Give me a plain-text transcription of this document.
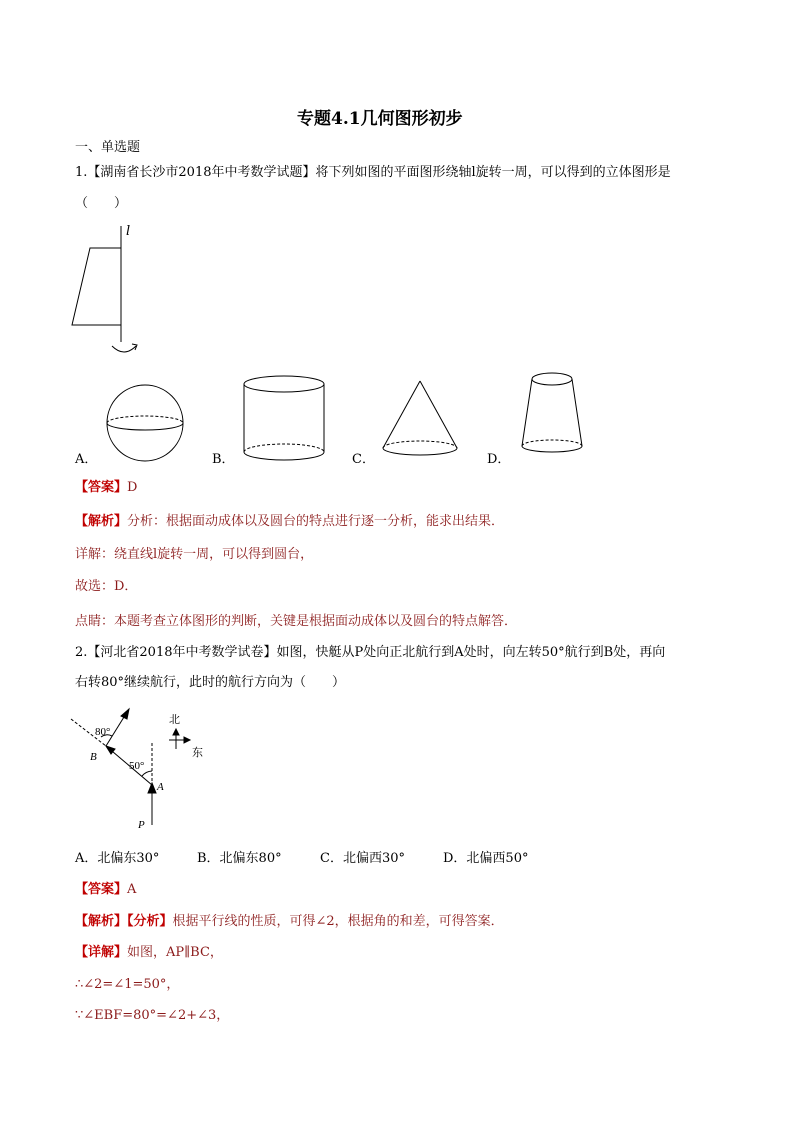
专题4.1几何图形初步
一、单选题
1.【湖南省长沙市2018年中考数学试题】将下列如图的平面图形绕轴l旋转一周，可以得到的立体图形是
（　　）
l
A．	B．	C．	D．
【答案】D
【解析】分析：根据面动成体以及圆台的特点进行逐一分析，能求出结果．
详解：绕直线l旋转一周，可以得到圆台，
故选：D．
点睛：本题考查立体图形的判断，关键是根据面动成体以及圆台的特点解答．
2.【河北省2018年中考数学试卷】如图，快艇从P处向正北航行到A处时，向左转50°航行到B处，再向
右转80°继续航行，此时的航行方向为（　　）
80°
50°
B
A
P
北
东
A．北偏东30°	B．北偏东80°	C．北偏西30°	D．北偏西50°
【答案】A
【解析】【分析】根据平行线的性质，可得∠2，根据角的和差，可得答案．
【详解】如图，AP∥BC，
∴∠2=∠1=50°，
∵∠EBF=80°=∠2+∠3，
